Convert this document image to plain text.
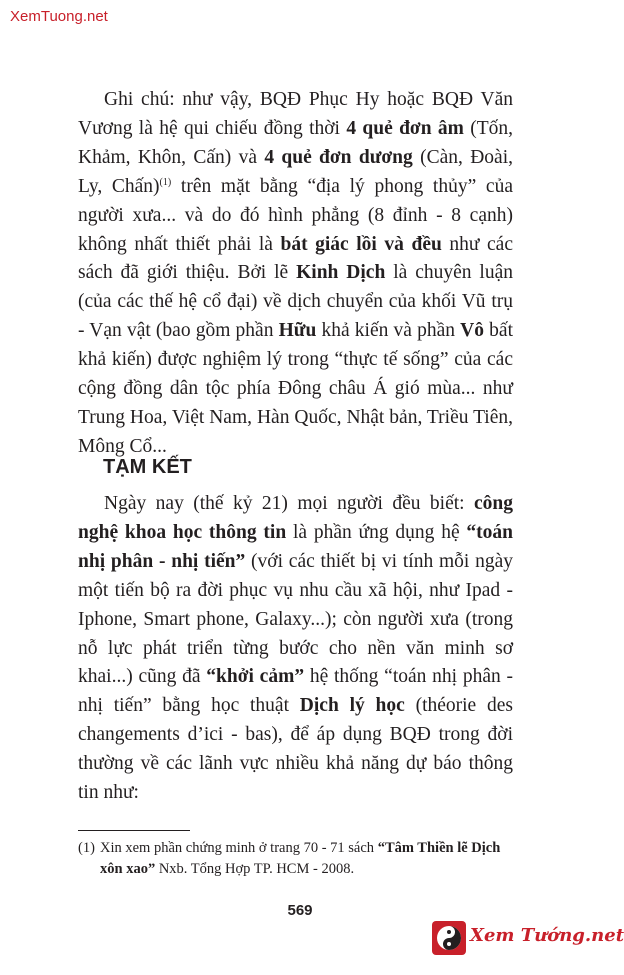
XemTuong.net
Ghi chú: như vậy, BQĐ Phục Hy hoặc BQĐ Văn Vương là hệ qui chiếu đồng thời 4 quẻ đơn âm (Tốn, Khảm, Khôn, Cấn) và 4 quẻ đơn dương (Càn, Đoài, Ly, Chấn)$^{(1)}$ trên mặt bằng “địa lý phong thủy” của người xưa... và do đó hình phẳng (8 đỉnh - 8 cạnh) không nhất thiết phải là bát giác lồi và đều như các sách đã giới thiệu. Bởi lẽ Kinh Dịch là chuyên luận (của các thế hệ cổ đại) về dịch chuyển của khối Vũ trụ - Vạn vật (bao gồm phần Hữu khả kiến và phần Vô bất khả kiến) được nghiệm lý trong “thực tế sống” của các cộng đồng dân tộc phía Đông châu Á gió mùa... như Trung Hoa, Việt Nam, Hàn Quốc, Nhật bản, Triều Tiên, Mông Cổ...
TẠM KẾT
Ngày nay (thế kỷ 21) mọi người đều biết: công nghệ khoa học thông tin là phần ứng dụng hệ “toán nhị phân - nhị tiến” (với các thiết bị vi tính mỗi ngày một tiến bộ ra đời phục vụ nhu cầu xã hội, như Ipad - Iphone, Smart phone, Galaxy...); còn người xưa (trong nỗ lực phát triển từng bước cho nền văn minh sơ khai...) cũng đã “khởi cảm” hệ thống “toán nhị phân - nhị tiến” bằng học thuật Dịch lý học (théorie des changements d’ici - bas), để áp dụng BQĐ trong đời thường về các lãnh vực nhiều khả năng dự báo thông tin như:
(1) Xin xem phần chứng minh ở trang 70 - 71 sách “Tâm Thiền lẽ Dịch xôn xao” Nxb. Tổng Hợp TP. HCM - 2008.
569
Xem Tướng.net
